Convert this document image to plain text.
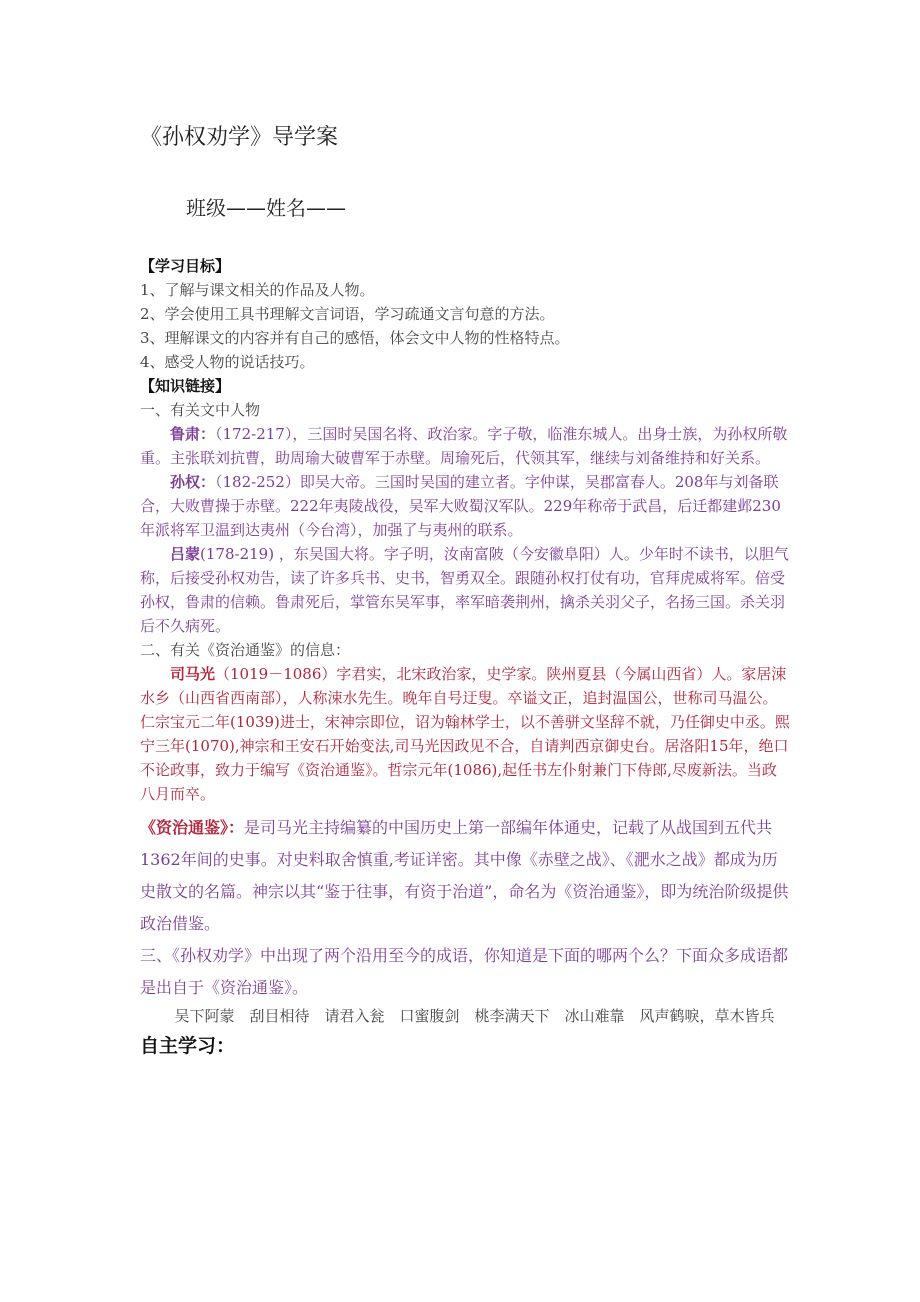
《孙权劝学》导学案
班级——姓名——
【学习目标】

1、了解与课文相关的作品及人物。

2、学会使用工具书理解文言词语，学习疏通文言句意的方法。

3、理解课文的内容并有自己的感悟，体会文中人物的性格特点。

4、感受人物的说话技巧。

【知识链接】

一、有关文中人物

鲁肃：（172-217），三国时吴国名将、政治家。字子敬，临淮东城人。出身士族，为孙权所敬重。主张联刘抗曹，助周瑜大破曹军于赤壁。周瑜死后，代领其军，继续与刘备维持和好关系。

孙权：（182-252）即吴大帝。三国时吴国的建立者。字仲谋，吴郡富春人。208年与刘备联合，大败曹操于赤壁。222年夷陵战役，吴军大败蜀汉军队。229年称帝于武昌，后迁都建邺230年派将军卫温到达夷州（今台湾），加强了与夷州的联系。

吕蒙(178-219) ，东吴国大将。字子明，汝南富陂（今安徽阜阳）人。少年时不读书，以胆气称，后接受孙权劝告，读了许多兵书、史书，智勇双全。跟随孙权打仗有功，官拜虎威将军。倍受孙权，鲁肃的信赖。鲁肃死后，掌管东吴军事，率军暗袭荆州，擒杀关羽父子，名扬三国。杀关羽后不久病死。

二、有关《资治通鉴》的信息：

司马光（1019－1086）字君实，北宋政治家，史学家。陕州夏县（今属山西省）人。家居涑水乡（山西省西南部），人称涑水先生。晚年自号迂叟。卒谥文正，追封温国公，世称司马温公。仁宗宝元二年(1039)进士，宋神宗即位，诏为翰林学士，以不善骈文坚辞不就，乃任御史中丞。熙宁三年(1070),神宗和王安石开始变法,司马光因政见不合，自请判西京御史台。居洛阳15年，绝口不论政事，致力于编写《资治通鉴》。哲宗元年(1086),起任书左仆射兼门下侍郎,尽废新法。当政八月而卒。

《资治通鉴》：是司马光主持编纂的中国历史上第一部编年体通史，记载了从战国到五代共1362年间的史事。对史料取舍慎重,考证详密。其中像《赤壁之战》、《淝水之战》都成为历史散文的名篇。神宗以其“鉴于往事，有资于治道”，命名为《资治通鉴》，即为统治阶级提供政治借鉴。

三、《孙权劝学》中出现了两个沿用至今的成语，你知道是下面的哪两个么？下面众多成语都是出自于《资治通鉴》。

吴下阿蒙　刮目相待　请君入瓮　口蜜腹剑　桃李满天下　冰山难靠　风声鹤唳，草木皆兵

自主学习：
